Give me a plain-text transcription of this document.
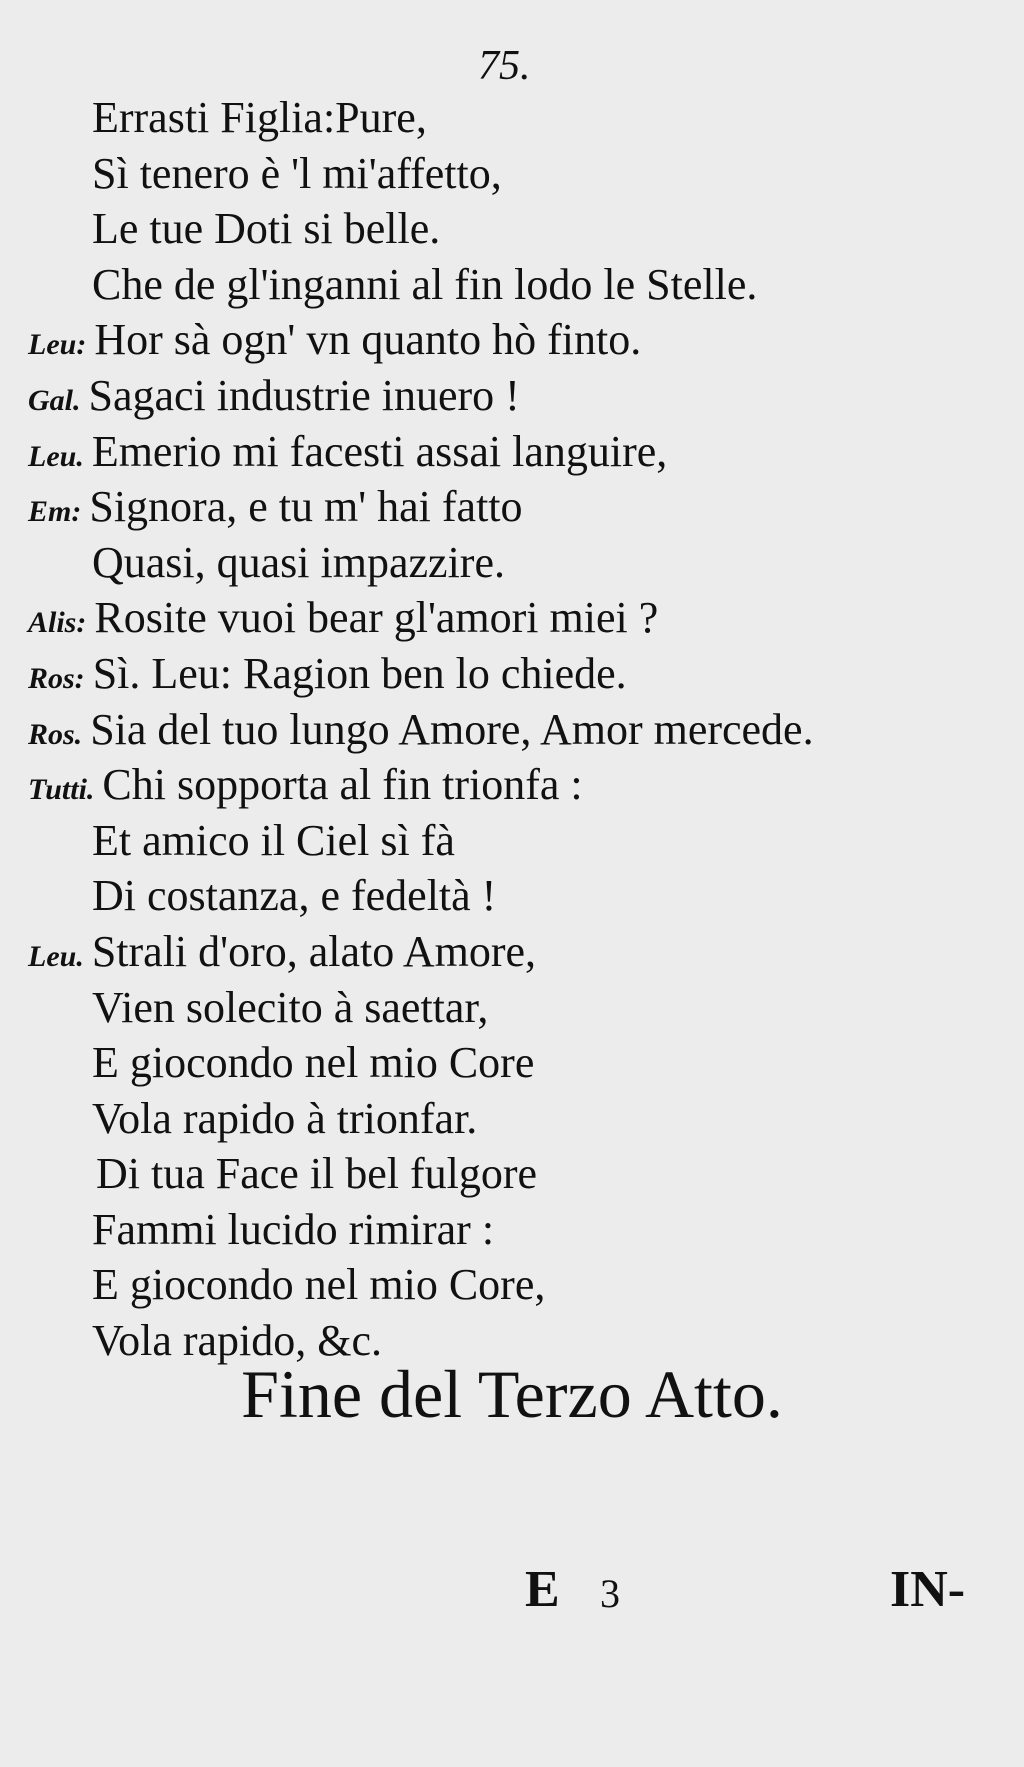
75.
Errasti Figlia:Pure,
Sì tenero è 'l mi'affetto,
Le tue Doti si belle.
Che de gl'inganni al fin lodo le Stelle.
Leu: Hor sà ogn' vn quanto hò finto.
Gal. Sagaci industrie inuero !
Leu. Emerio mi facesti assai languire,
Em: Signora, e tu m' hai fatto
Quasi, quasi impazzire.
Alis: Rosite vuoi bear gl'amori miei ?
Ros: Sì. Leu: Ragion ben lo chiede.
Ros. Sia del tuo lungo Amore, Amor mercede.
Tutti. Chi sopporta al fin trionfa :
Et amico il Ciel sì fà
Di costanza, e fedeltà !
Leu. Strali d'oro, alato Amore,
Vien solecito à saettar,
E giocondo nel mio Core
Vola rapido à trionfar.
Di tua Face il bel fulgore
Fammi lucido rimirar :
E giocondo nel mio Core,
Vola rapido, &c.
Fine del Terzo Atto.
E 3	IN-
